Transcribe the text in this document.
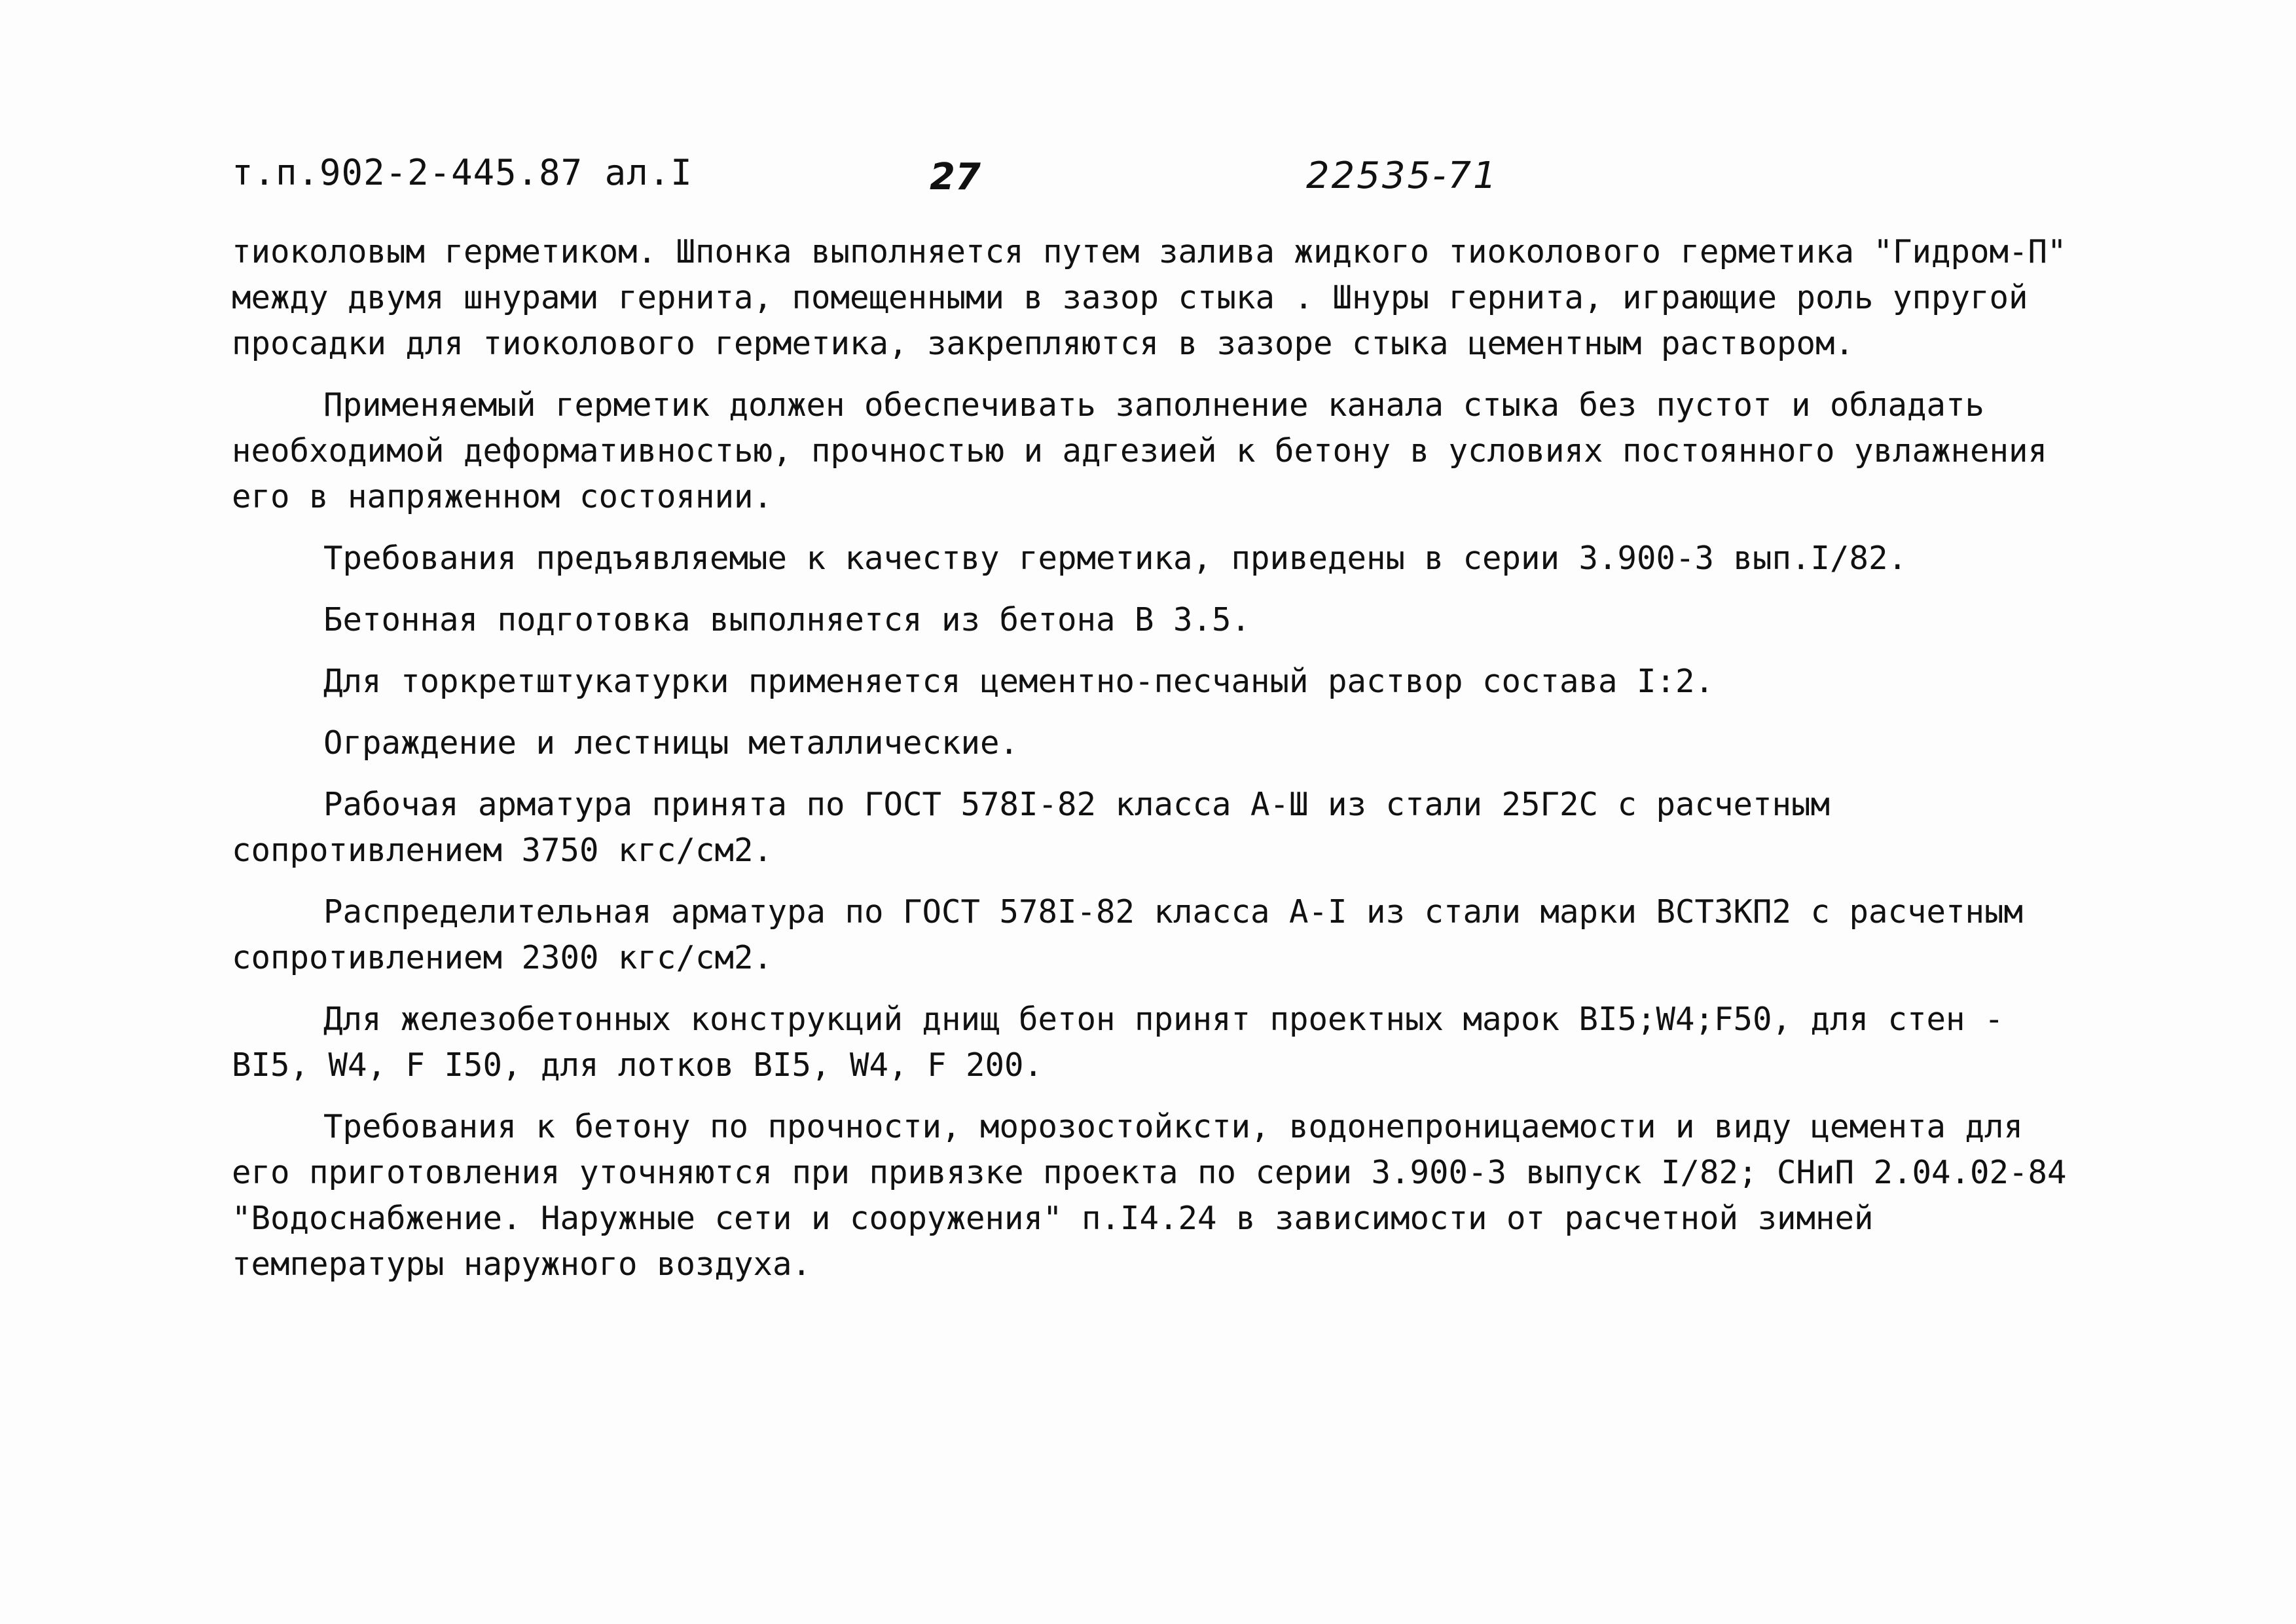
т.п.902-2-445.87 ал.I	27	22535-71

тиоколовым герметиком. Шпонка выполняется путем залива жидкого тиоколового герметика "Гидром-П" между двумя шнурами гернита, помещенными в зазор стыка . Шнуры гернита, играющие роль упругой просадки для тиоколового герметика, закрепляются в зазоре стыка цементным раствором.

Применяемый герметик должен обеспечивать заполнение канала стыка без пустот и обладать необходимой деформативностью, прочностью и адгезией к бетону в условиях постоянного увлажнения его в напряженном состоянии.

Требования предъявляемые к качеству герметика, приведены в серии 3.900-3 вып.I/82.

Бетонная подготовка выполняется из бетона В 3.5.

Для торкретштукатурки применяется цементно-песчаный раствор состава I:2.

Ограждение и лестницы металлические.

Рабочая арматура принята по ГОСТ 578I-82 класса А-Ш из стали 25Г2С с расчетным сопротивлением 3750 кгс/см2.

Распределительная арматура по ГОСТ 578I-82 класса А-I из стали марки ВСТЗКП2 с расчетным сопротивлением 2300 кгс/см2.

Для железобетонных конструкций днищ бетон принят проектных марок BI5;W4;F50, для стен - BI5, W4, F I50, для лотков BI5, W4, F 200.

Требования к бетону по прочности, морозостойксти, водонепроницаемости и виду цемента для его приготовления уточняются при привязке проекта по серии 3.900-3 выпуск I/82; СНиП 2.04.02-84 "Водоснабжение. Наружные сети и сооружения" п.I4.24 в зависимости от расчетной зимней температуры наружного воздуха.
